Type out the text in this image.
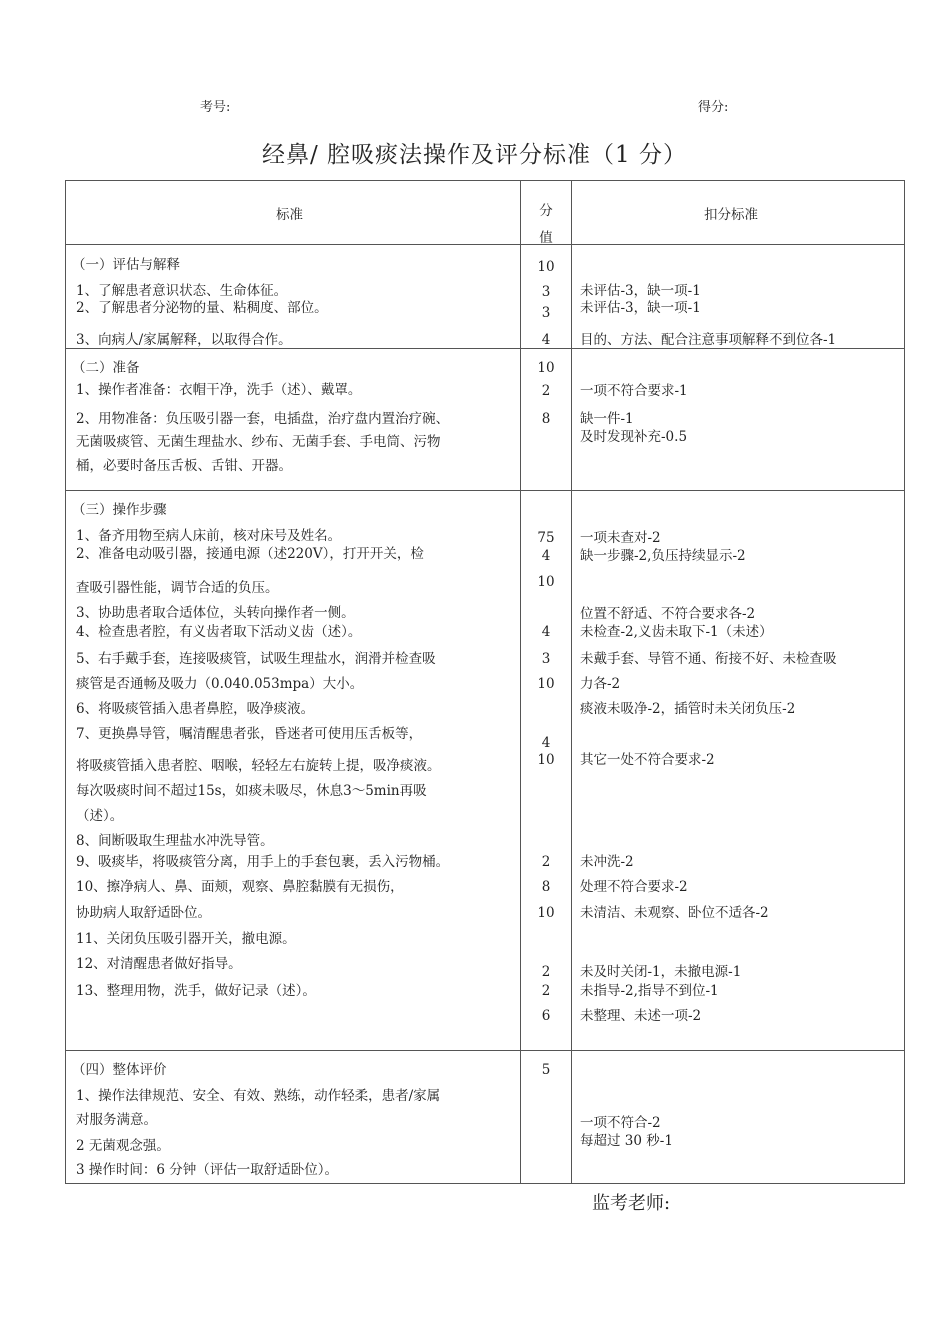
考号:	得分:
经鼻/ 腔吸痰法操作及评分标准（1 分）
标准	分
值
扣分标准
（一）评估与解释
1、了解患者意识状态、生命体征。
2、了解患者分泌物的量、粘稠度、部位。
3、向病人/家属解释，以取得合作。
10
3
3
4
未评估-3，缺一项-1
未评估-3，缺一项-1
目的、方法、配合注意事项解释不到位各-1
（二）准备
1、操作者准备：衣帽干净，洗手（述）、戴罩。
2、用物准备：负压吸引器一套，电插盘，治疗盘内置治疗碗、
无菌吸痰管、无菌生理盐水、纱布、无菌手套、手电筒、污物
桶，必要时备压舌板、舌钳、开器。
10
2
8
一项不符合要求-1
缺一件-1
及时发现补充-0.5
（三）操作步骤
1、备齐用物至病人床前，核对床号及姓名。
2、准备电动吸引器，接通电源（述220V），打开开关，检
查吸引器性能，调节合适的负压。
3、协助患者取合适体位，头转向操作者一侧。
4、检查患者腔，有义齿者取下活动义齿（述）。
5、右手戴手套，连接吸痰管，试吸生理盐水，润滑并检查吸
痰管是否通畅及吸力（0.040.053mpa）大小。
6、将吸痰管插入患者鼻腔，吸净痰液。
7、更换鼻导管，嘱清醒患者张，昏迷者可使用压舌板等，
将吸痰管插入患者腔、咽喉，轻轻左右旋转上提，吸净痰液。
每次吸痰时间不超过15s，如痰未吸尽，休息3〜5min再吸
（述）。
8、间断吸取生理盐水冲洗导管。
9、吸痰毕，将吸痰管分离，用手上的手套包裹，丢入污物桶。
10、擦净病人、鼻、面颊，观察、鼻腔黏膜有无损伤，
协助病人取舒适卧位。
11、关闭负压吸引器开关，撤电源。
12、对清醒患者做好指导。
13、整理用物，洗手，做好记录（述）。
75
4
10
4
3
10
4
10
2
8
10
2
2
6
一项未查对-2
缺一步骤-2,负压持续显示-2
位置不舒适、不符合要求各-2
未检查-2,义齿未取下-1（未述）
未戴手套、导管不通、衔接不好、未检查吸
力各-2
痰液未吸净-2，插管时未关闭负压-2
其它一处不符合要求-2
未冲洗-2
处理不符合要求-2
未清洁、未观察、卧位不适各-2
未及时关闭-1，未撤电源-1
未指导-2,指导不到位-1
未整理、未述一项-2
（四）整体评价
1、操作法律规范、安全、有效、熟练，动作轻柔，患者/家属
对服务满意。
2 无菌观念强。
3 操作时间：6 分钟（评估一取舒适卧位）。
5
一项不符合-2
每超过 30 秒-1
监考老师:
